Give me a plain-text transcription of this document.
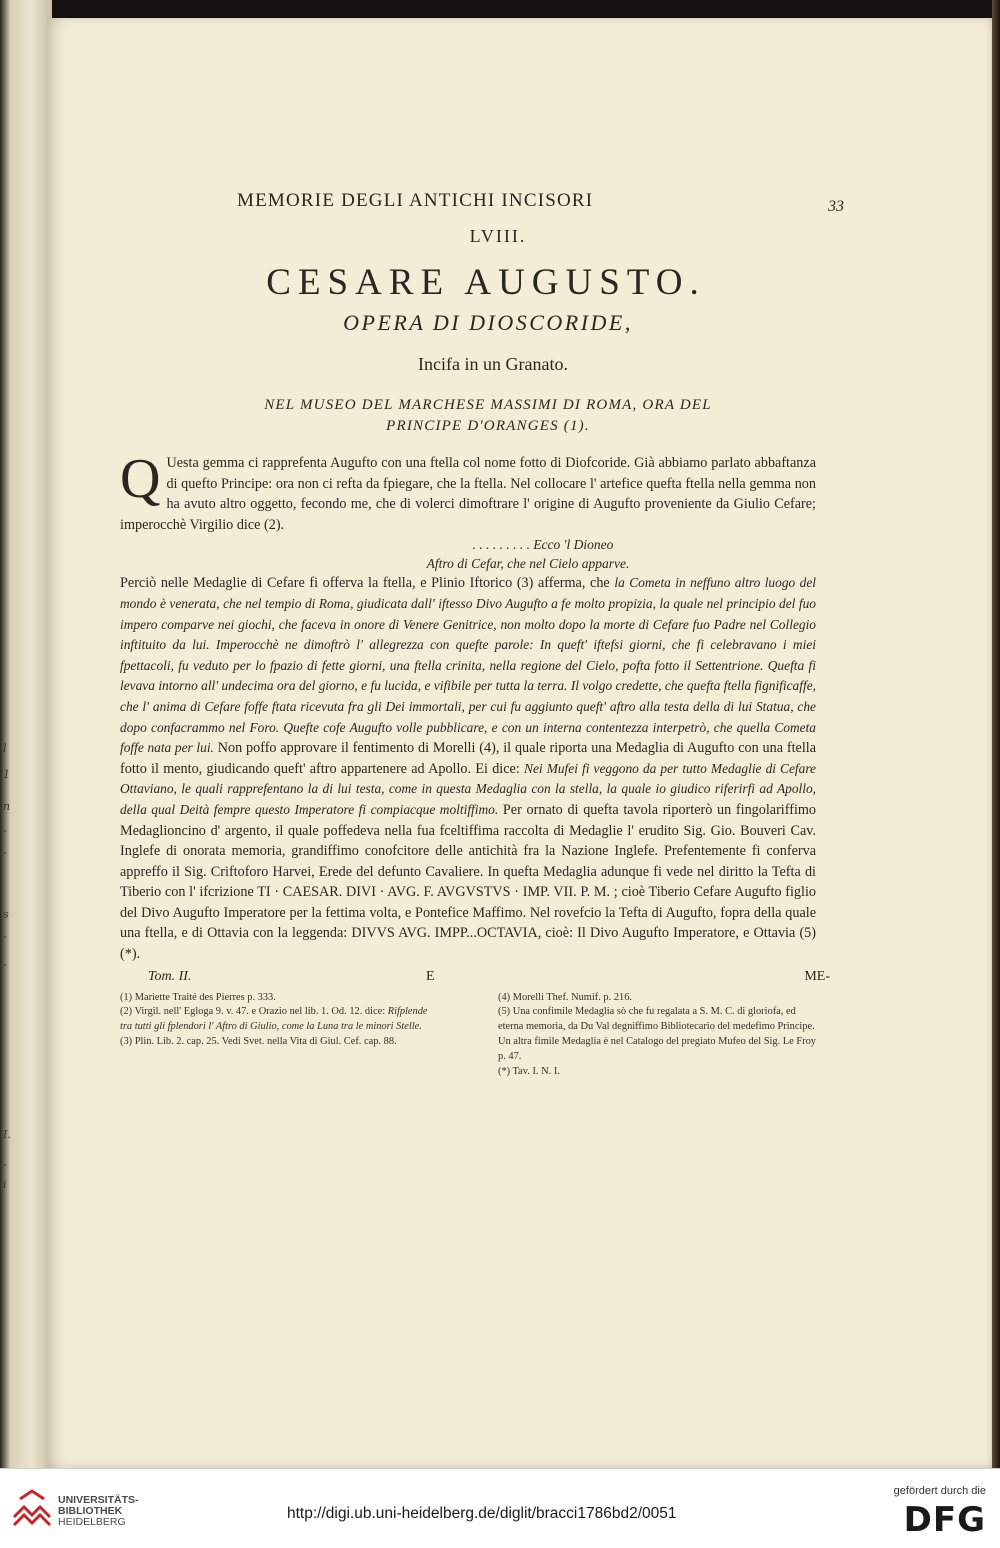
l
1
n
-
-
s
-
-
I.
-
i
MEMORIE DEGLI ANTICHI INCISORI	33
LVIII.
CESARE AUGUSTO.
OPERA DI DIOSCORIDE,
Incifa in un Granato.
NEL MUSEO DEL MARCHESE MASSIMI DI ROMA, ORA DEL
PRINCIPE D'ORANGES (1).

Q Uesta gemma ci rapprefenta Augufto con una ftella col nome fotto di Diofcoride. Già abbiamo parlato abbaftanza di quefto Principe: ora non ci refta da fpiegare, che la ftella. Nel collocare l' artefice quefta ftella nella gemma non ha avuto altro oggetto, fecondo me, che di volerci dimoftrare l' origine di Augufto proveniente da Giulio Cefare; imperocchè Virgilio dice (2).

. . . . . . . . . Ecco 'l Dioneo
Aftro di Cefar, che nel Cielo apparve.

Perciò nelle Medaglie di Cefare fi offerva la ftella, e Plinio Iftorico (3) afferma, che la Cometa in neffuno altro luogo del mondo è venerata, che nel tempio di Roma, giudicata dall' iftesso Divo Augufto a fe molto propizia, la quale nel principio del fuo impero comparve nei giochi, che faceva in onore di Venere Genitrice, non molto dopo la morte di Cefare fuo Padre nel Collegio inftituito da lui. Imperocchè ne dimoftrò l' allegrezza con quefte parole: In queft' iftefsi giorni, che fi celebravano i miei fpettacoli, fu veduto per lo fpazio di fette giorni, una ftella crinita, nella regione del Cielo, pofta fotto il Settentrione. Quefta fi levava intorno all' undecima ora del giorno, e fu lucida, e vifibile per tutta la terra. Il volgo credette, che quefta ftella fignificaffe, che l' anima di Cefare foffe ftata ricevuta fra gli Dei immortali, per cui fu aggiunto queft' aftro alla testa della di lui Statua, che dopo confacrammo nel Foro. Quefte cofe Augufto volle pubblicare, e con un interna contentezza interpetrò, che quella Cometa foffe nata per lui. Non poffo approvare il fentimento di Morelli (4), il quale riporta una Medaglia di Augufto con una ftella fotto il mento, giudicando queft' aftro appartenere ad Apollo. Ei dice: Nei Mufei fi veggono da per tutto Medaglie di Cefare Ottaviano, le quali rapprefentano la di lui testa, come in questa Medaglia con la stella, la quale io giudico riferirfi ad Apollo, della qual Deità fempre questo Imperatore fi compiacque moltiffimo. Per ornato di quefta tavola riporterò un fingolariffimo Medaglioncino d' argento, il quale poffedeva nella fua fceltiffima raccolta di Medaglie l' erudito Sig. Gio. Bouveri Cav. Inglefe di onorata memoria, grandiffimo conofcitore delle antichità fra la Nazione Inglefe. Prefentemente fi conferva appreffo il Sig. Criftoforo Harvei, Erede del defunto Cavaliere. In quefta Medaglia adunque fi vede nel diritto la Tefta di Tiberio con l' ifcrizione TI · CAESAR. DIVI · AVG. F. AVGVSTVS · IMP. VII. P. M. ; cioè Tiberio Cefare Augufto figlio del Divo Augufto Imperatore per la fettima volta, e Pontefice Maffimo. Nel rovefcio la Tefta di Augufto, fopra della quale una ftella, e di Ottavia con la leggenda: DIVVS AVG. IMPP...OCTAVIA, cioè: Il Divo Augufto Imperatore, e Ottavia (5) (*).

Tom. II.	E	ME-

(1) Mariette Traité des Pierres p. 333.

(2) Virgil. nell' Egloga 9. v. 47. e Orazio nel lib. 1. Od. 12. dice: Rifplende tra tutti gli fplendori l' Aftro di Giulio, come la Luna tra le minori Stelle.

(3) Plin. Lib. 2. cap. 25. Vedi Svet. nella Vita di Giul. Cef. cap. 88.

(4) Morelli Thef. Numif. p. 216.

(5) Una confimile Medaglia sò che fu regalata a S. M. C. di gloriofa, ed eterna memoria, da Du Val degniffimo Bibliotecario del medefimo Principe. Un altra fimile Medaglia è nel Catalogo del pregiato Mufeo del Sig. Le Froy p. 47.

(*) Tav. I. N. I.

UNIVERSITÄTS-
BIBLIOTHEK
HEIDELBERG	http://digi.ub.uni-heidelberg.de/diglit/bracci1786bd2/0051
gefördert durch die
DFG
